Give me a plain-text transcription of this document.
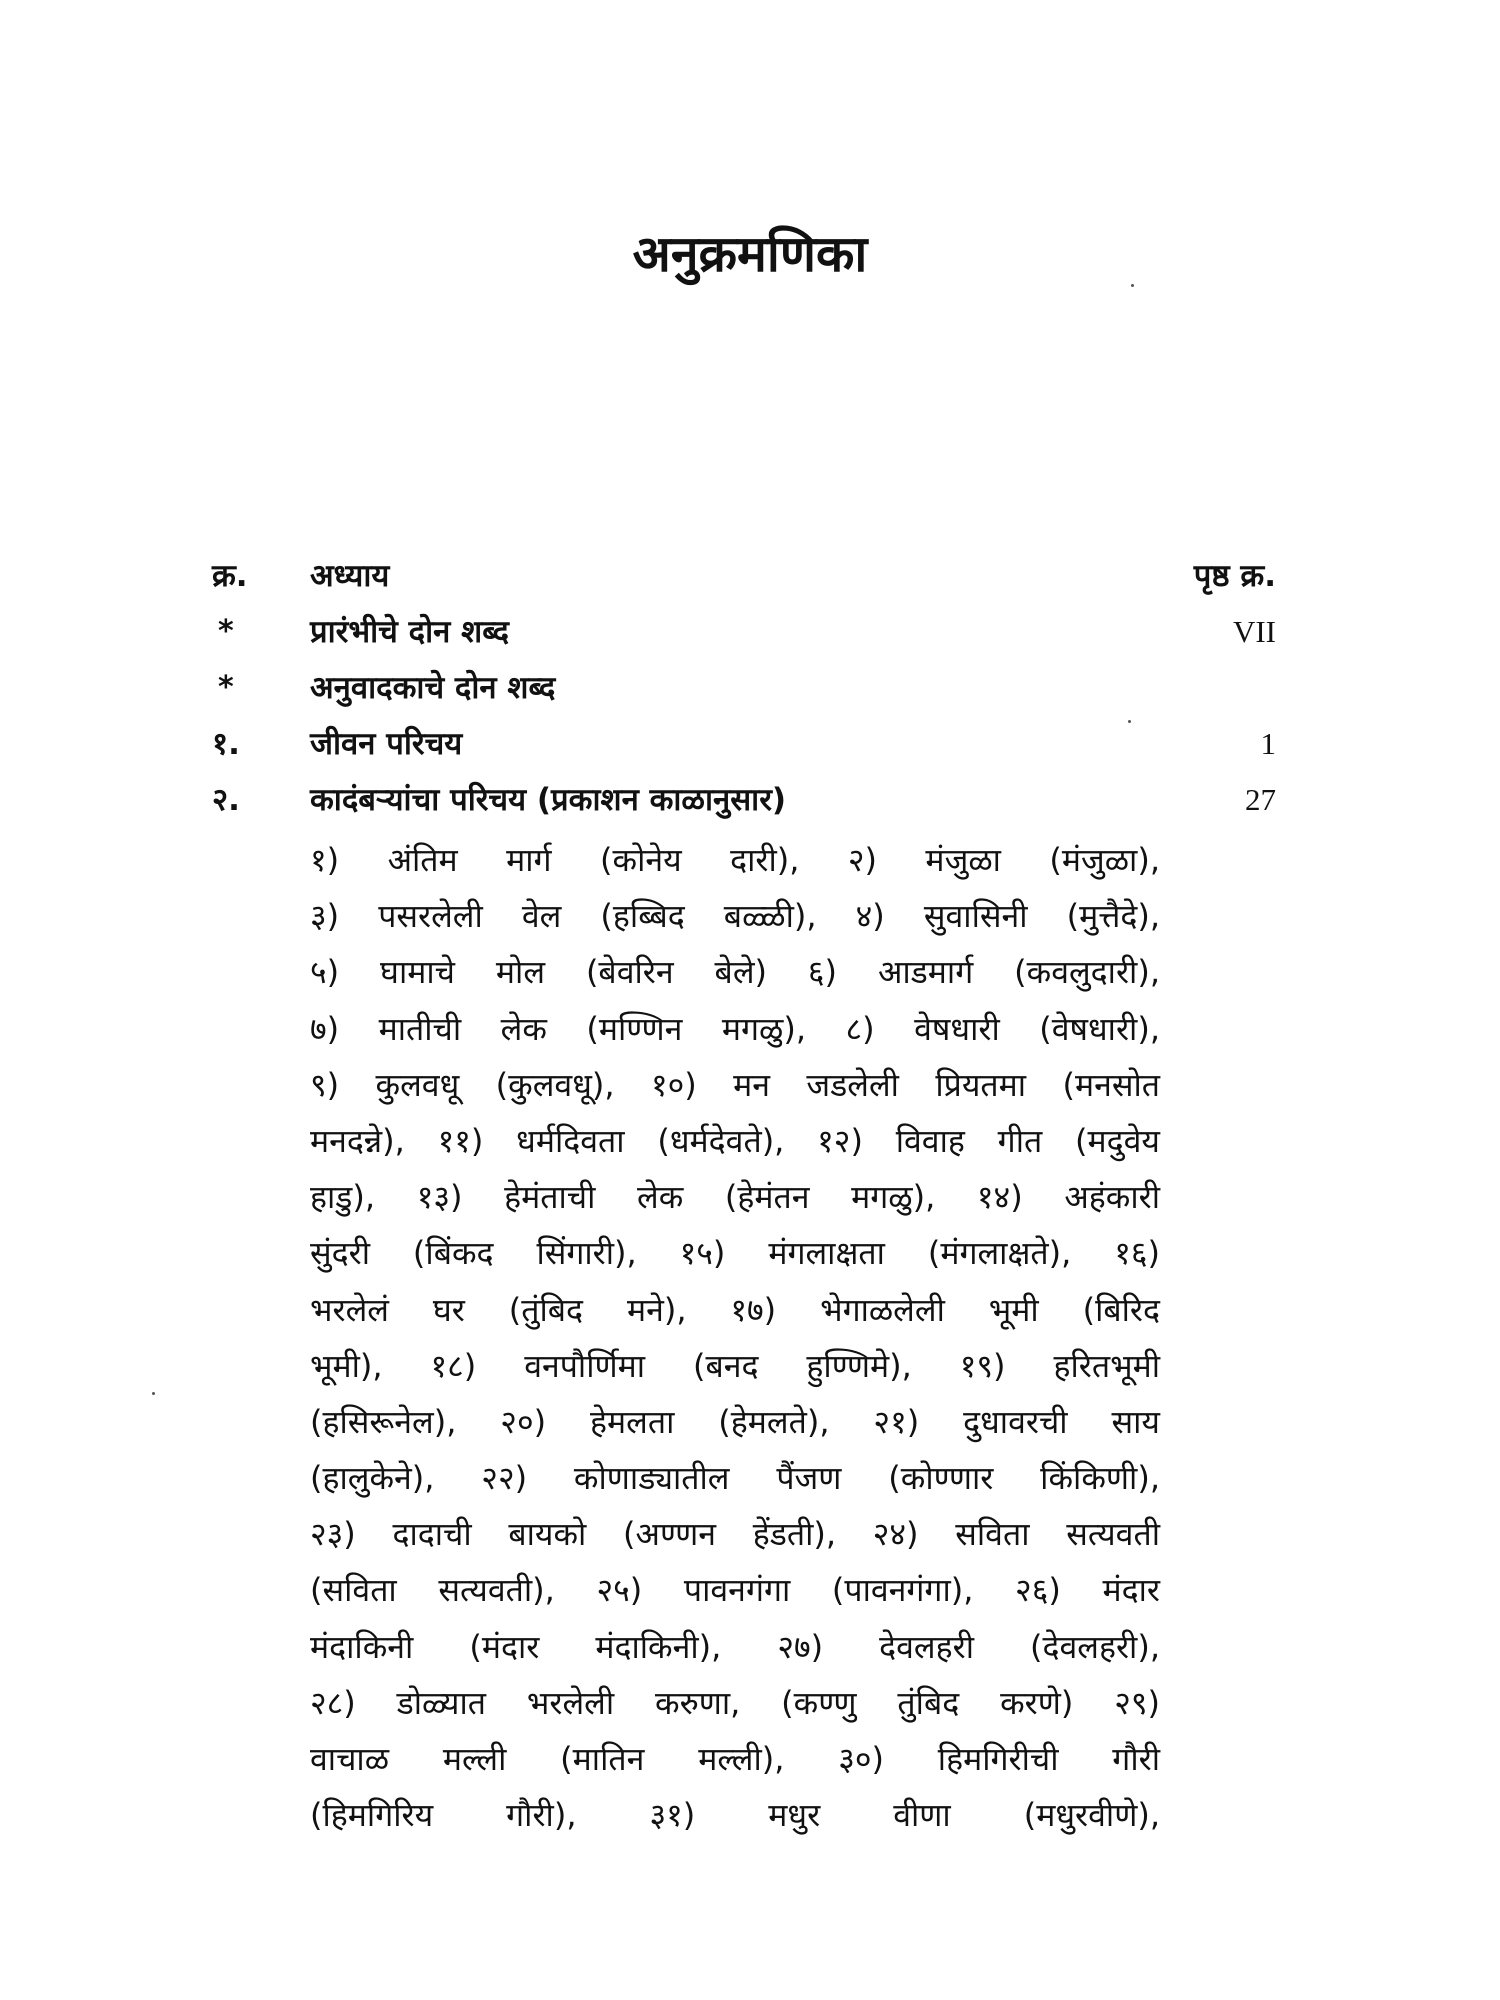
अनुक्रमणिका
क्र.	अध्याय	पृष्ठ क्र.
*	प्रारंभीचे दोन शब्द	VII
*	अनुवादकाचे दोन शब्द
१.	जीवन परिचय	1
२.	कादंबऱ्यांचा परिचय (प्रकाशन काळानुसार)	27
१) अंतिम मार्ग (कोनेय दारी), २) मंजुळा (मंजुळा),
३) पसरलेली वेल (हब्बिद बळ्ळी), ४) सुवासिनी (मुत्तैदे),
५) घामाचे मोल (बेवरिन बेले) ६) आडमार्ग (कवलुदारी),
७) मातीची लेक (मण्णिन मगळु), ८) वेषधारी (वेषधारी),
९) कुलवधू (कुलवधू), १०) मन जडलेली प्रियतमा (मनसोत
मनदन्ने), ११) धर्मदिवता (धर्मदेवते), १२) विवाह गीत (मदुवेय
हाडु), १३) हेमंताची लेक (हेमंतन मगळु), १४) अहंकारी
सुंदरी (बिंकद सिंगारी), १५) मंगलाक्षता (मंगलाक्षते), १६)
भरलेलं घर (तुंबिद मने), १७) भेगाळलेली भूमी (बिरिद
भूमी), १८) वनपौर्णिमा (बनद हुण्णिमे), १९) हरितभूमी
(हसिरूनेल), २०) हेमलता (हेमलते), २१) दुधावरची साय
(हालुकेने), २२) कोणाड्यातील पैंजण (कोण्णार किंकिणी),
२३) दादाची बायको (अण्णन हेंडती), २४) सविता सत्यवती
(सविता सत्यवती), २५) पावनगंगा (पावनगंगा), २६) मंदार
मंदाकिनी (मंदार मंदाकिनी), २७) देवलहरी (देवलहरी),
२८) डोळ्यात भरलेली करुणा, (कण्णु तुंबिद करणे) २९)
वाचाळ मल्ली (मातिन मल्ली), ३०) हिमगिरीची गौरी
(हिमगिरिय गौरी), ३१) मधुर वीणा (मधुरवीणे),
